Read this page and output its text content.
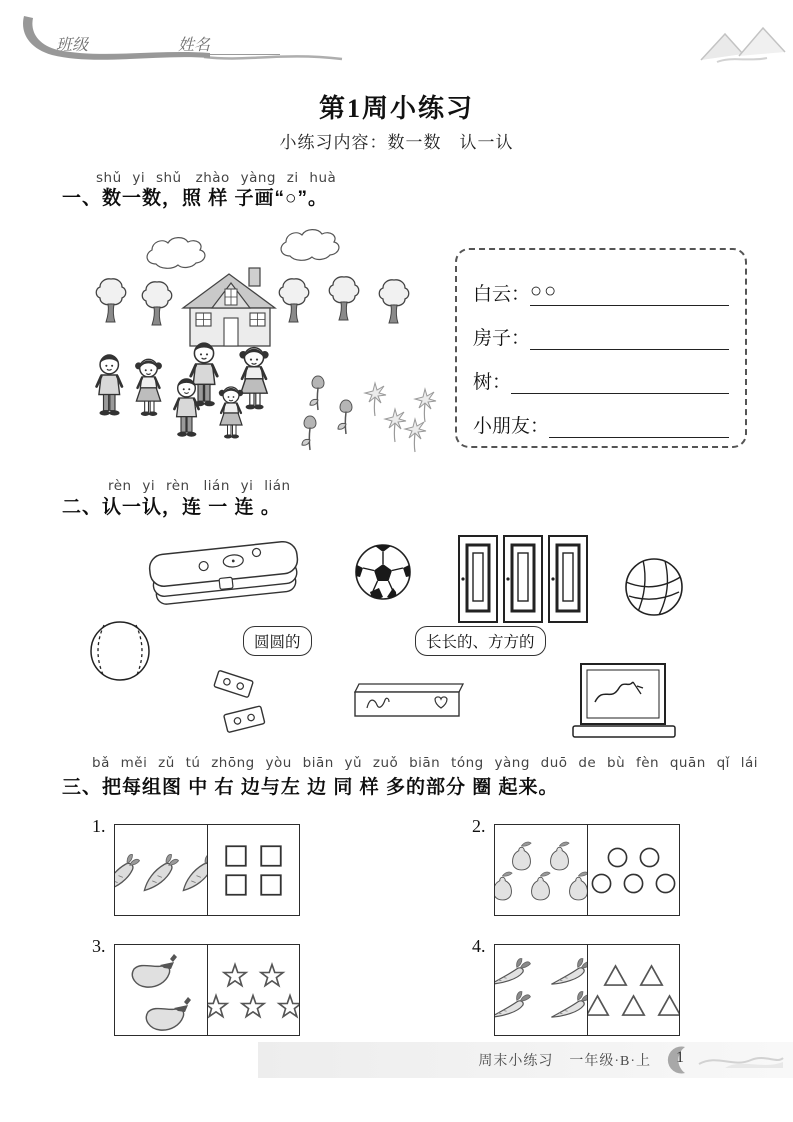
班级	姓名
第1周小练习
小练习内容：数一数　认一认
shǔ yi shǔ　zhào yàng zi huà
一、数一数，照 样 子画“○”。
白云： ○○
房子：
树：
小朋友：
rèn yi rèn　lián yi lián
二、认一认，连 一 连 。
圆圆的	长长的、方方的
bǎ měi zǔ tú zhōng yòu biān yǔ zuǒ biān tóng yàng duō de bù fèn quān qǐ lái
三、把每组图 中 右 边与左 边 同 样 多的部分 圈 起来。
1.	2.
3.	4.
周末小练习 一年级·B·上 1
